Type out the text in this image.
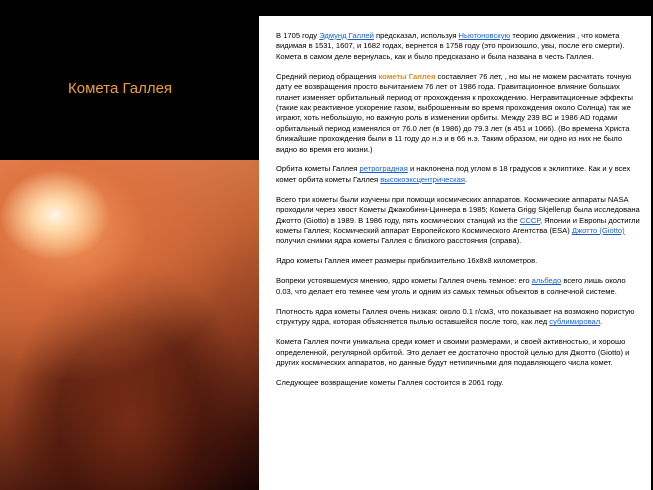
Комета Галлея

В 1705 году Эдмунд Галлей предсказал, используя Ньютоновскую теорию движения , что комета видимая в 1531, 1607, и 1682 годах, вернется в 1758 году (это произошло, увы, после его смерти). Комета в самом деле вернулась, как и было предсказано и была названа в честь Галлея.

Средний период обращения кометы Галлея составляет 76 лет, , но мы не можем расчитать точную дату ее возвращения просто вычитанием 76 лет от 1986 года. Гравитационное влияние больших планет изменяет орбитальный период от прохождения к прохождению. Негравитационные эффекты (такие как реактивное ускорение газом, выброшенным во время прохождения около Солнца) так же играют, хоть небольшую, но важную роль в изменении орбиты. Между 239 BC и 1986 AD годами орбитальный период изменялся от 76.0 лет (в 1986) до 79.3 лет (в 451 и 1066). (Во времена Христа ближайшие прохождения были в 11 году до н.э и в 66 н.э. Таким образом, ни одно из них не было видно во время его жизни.)

Орбита кометы Галлея ретроградная и наклонена под углом в 18 градусов к эклиптике. Как и у всех комет орбита кометы Галлея высокоэксцентрическая.

Всего три кометы были изучены при помощи космических аппаратов. Космические аппараты NASA проходили через хвост Кометы Джакобини-Циннера в 1985; Комета Grigg Skjellerup была исследована Джотто (Giotto) в 1989. В 1986 году, пять космических станций из the СССР, Японии и Европы достигли кометы Галлея; Космический аппарат Европейского Космического Агентства (ESA) Джотто (Giotto) получил снимки ядра кометы Галлея с близкого расстояния (справа).

Ядро кометы Галлея имеет размеры приблизительно 16x8x8 километров.

Вопреки устоявшемуся мнению, ядро кометы Галлея очень темное: его альбедо всего лишь около 0.03, что делает его темнее чем уголь и одним из самых темных объектов в солнечной системе.

Плотность ядра кометы Галлея очень низкая: около 0.1 г/см3, что показывает на возможно пористую структуру ядра, которая объясняется пылью оставшейся после того, как лед сублимировал.

Комета Галлея почти уникальна среди комет и своими размерами, и своей активностью, и хорошо определенной, регулярной орбитой. Это делает ее достаточно простой целью для Джотто (Giotto) и других космических аппаратов, но данные будут нетипичными для подавляющего числа комет.

Следующее возвращение кометы Галлея состоится в 2061 году.
